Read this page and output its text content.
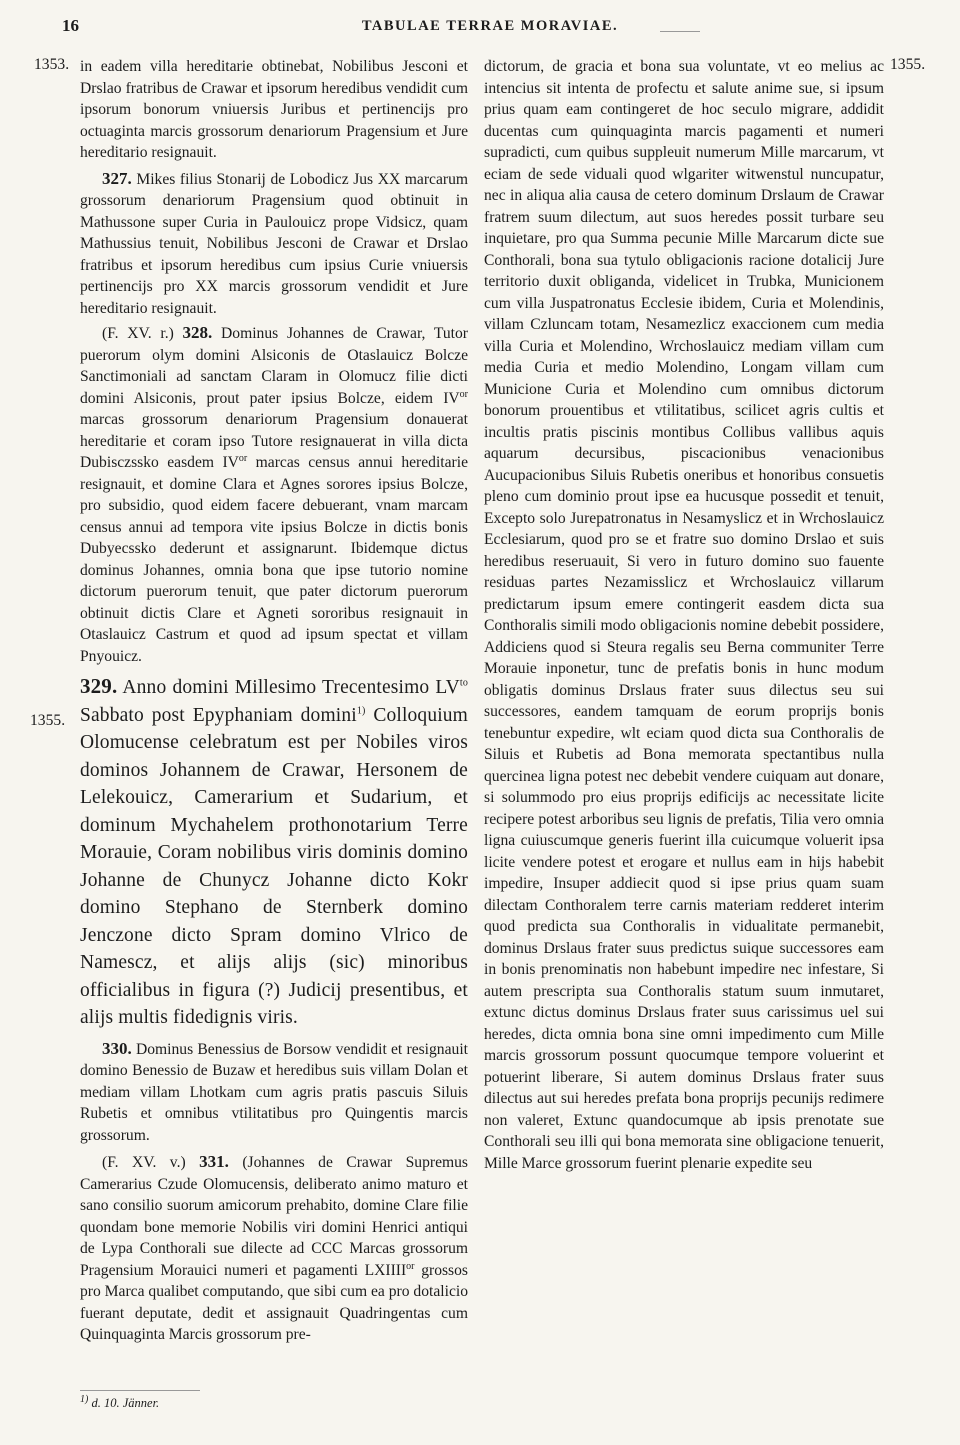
16	TABULAE TERRAE MORAVIAE.
1353.	1355.
1355.

in eadem villa hereditarie obtinebat, Nobilibus Jesconi et Drslao fratribus de Crawar et ipsorum heredibus vendidit cum ipsorum bonorum vniuersis Juribus et pertinencijs pro octuaginta marcis grossorum denariorum Pragensium et Jure hereditario resignauit.

327. Mikes filius Stonarij de Lobodicz Jus XX marcarum grossorum denariorum Pragensium quod obtinuit in Mathussone super Curia in Paulouicz prope Vidsicz, quam Mathussius tenuit, Nobilibus Jesconi de Crawar et Drslao fratribus et ipsorum heredibus cum ipsius Curie vniuersis pertinencijs pro XX marcis grossorum vendidit et Jure hereditario resignauit.

(F. XV. r.) 328. Dominus Johannes de Crawar, Tutor puerorum olym domini Alsiconis de Otaslauicz Bolcze Sanctimoniali ad sanctam Claram in Olomucz filie dicti domini Alsiconis, prout pater ipsius Bolcze, eidem $IV^{or}$ marcas grossorum denariorum Pragensium donauerat hereditarie et coram ipso Tutore resignauerat in villa dicta Dubisczssko easdem $IV^{or}$ marcas census annui hereditarie resignauit, et domine Clara et Agnes sorores ipsius Bolcze, pro subsidio, quod eidem facere debuerant, vnam marcam census annui ad tempora vite ipsius Bolcze in dictis bonis Dubyecssko dederunt et assignarunt. Ibidemque dictus dominus Johannes, omnia bona que ipse tutorio nomine dictorum puerorum tenuit, que pater dictorum puerorum obtinuit dictis Clare et Agneti sororibus resignauit in Otaslauicz Castrum et quod ad ipsum spectat et villam Pnyouicz.

329. Anno domini Millesimo Trecentesimo $LV^{to}$ Sabbato post Epyphaniam domini$^{1)}$ Colloquium Olomucense celebratum est per Nobiles viros dominos Johannem de Crawar, Hersonem de Lelekouicz, Camerarium et Sudarium, et dominum Mychahelem prothonotarium Terre Morauie, Coram nobilibus viris dominis domino Johanne de Chunycz Johanne dicto Kokr domino Stephano de Sternberk domino Jenczone dicto Spram domino Vlrico de Namescz, et alijs alijs (sic) minoribus officialibus in figura (?) Judicij presentibus, et alijs multis fidedignis viris.

330. Dominus Benessius de Borsow vendidit et resignauit domino Benessio de Buzaw et heredibus suis villam Dolan et mediam villam Lhotkam cum agris pratis pascuis Siluis Rubetis et omnibus vtilitatibus pro Quingentis marcis grossorum.

(F. XV. v.) 331. (Johannes de Crawar Supremus Camerarius Czude Olomucensis, deliberato animo maturo et sano consilio suorum amicorum prehabito, domine Clare filie quondam bone memorie Nobilis viri domini Henrici antiqui de Lypa Conthorali sue dilecte ad CCC Marcas grossorum Pragensium Morauici numeri et pagamenti $LXIIII^{or}$ grossos pro Marca qualibet computando, que sibi cum ea pro dotalicio fuerant deputate, dedit et assignauit Quadringentas cum Quinquaginta Marcis grossorum pre-

dictorum, de gracia et bona sua voluntate, vt eo melius ac intencius sit intenta de profectu et salute anime sue, si ipsum prius quam eam contingeret de hoc seculo migrare, addidit ducentas cum quinquaginta marcis pagamenti et numeri supradicti, cum quibus suppleuit numerum Mille marcarum, vt eciam de sede viduali quod wlgariter witwenstul nuncupatur, nec in aliqua alia causa de cetero dominum Drslaum de Crawar fratrem suum dilectum, aut suos heredes possit turbare seu inquietare, pro qua Summa pecunie Mille Marcarum dicte sue Conthorali, bona sua tytulo obligacionis racione dotalicij Jure territorio duxit obliganda, videlicet in Trubka, Municionem cum villa Juspatronatus Ecclesie ibidem, Curia et Molendinis, villam Czluncam totam, Nesamezlicz exaccionem cum media villa Curia et Molendino, Wrchoslauicz mediam villam cum media Curia et medio Molendino, Longam villam cum Municione Curia et Molendino cum omnibus dictorum bonorum prouentibus et vtilitatibus, scilicet agris cultis et incultis pratis piscinis montibus Collibus vallibus aquis aquarum decursibus, piscacionibus venacionibus Aucupacionibus Siluis Rubetis oneribus et honoribus consuetis pleno cum dominio prout ipse ea hucusque possedit et tenuit, Excepto solo Jurepatronatus in Nesamyslicz et in Wrchoslauicz Ecclesiarum, quod pro se et fratre suo domino Drslao et suis heredibus reseruauit, Si vero in futuro domino suo fauente residuas partes Nezamisslicz et Wrchoslauicz villarum predictarum ipsum emere contingerit easdem dicta sua Conthoralis simili modo obligacionis nomine debebit possidere, Addiciens quod si Steura regalis seu Berna communiter Terre Morauie inponetur, tunc de prefatis bonis in hunc modum obligatis dominus Drslaus frater suus dilectus seu sui successores, eandem tamquam de eorum proprijs bonis tenebuntur expedire, wlt eciam quod dicta sua Conthoralis de Siluis et Rubetis ad Bona memorata spectantibus nulla quercinea ligna potest nec debebit vendere cuiquam aut donare, si solummodo pro eius proprijs edificijs ac necessitate licite recipere potest arboribus seu lignis de prefatis, Tilia vero omnia ligna cuiuscumque generis fuerint illa cuicumque voluerit ipsa licite vendere potest et erogare et nullus eam in hijs habebit impedire, Insuper addiecit quod si ipse prius quam suam dilectam Conthoralem terre carnis materiam redderet interim quod predicta sua Conthoralis in vidualitate permanebit, dominus Drslaus frater suus predictus suique successores eam in bonis prenominatis non habebunt impedire nec infestare, Si autem prescripta sua Conthoralis statum suum inmutaret, extunc dictus dominus Drslaus frater suus carissimus uel sui heredes, dicta omnia bona sine omni impedimento cum Mille marcis grossorum possunt quocumque tempore voluerint et potuerint liberare, Si autem dominus Drslaus frater suus dilectus aut sui heredes prefata bona proprijs pecunijs redimere non valeret, Extunc quandocumque ab ipsis prenotate sue Conthorali seu illi qui bona memorata sine obligacione tenuerit, Mille Marce grossorum fuerint plenarie expedite seu

$^{1)}$ d. 10. Jänner.
